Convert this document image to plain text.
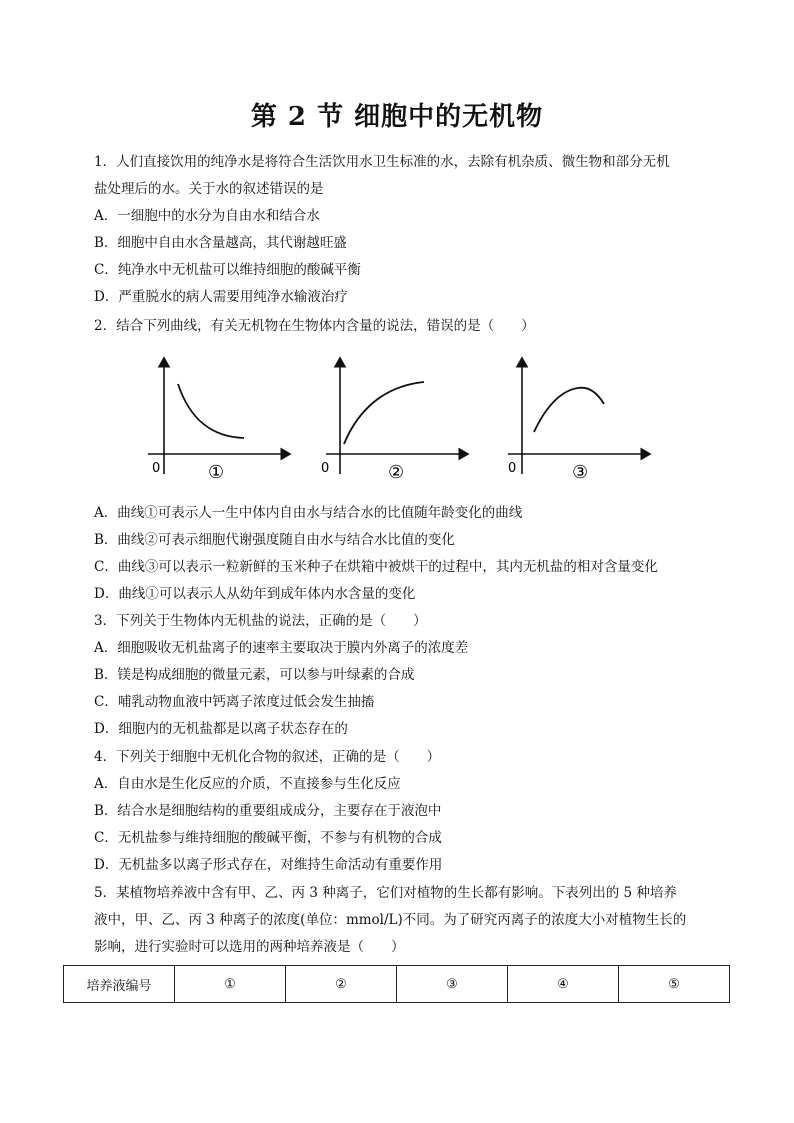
第 2 节 细胞中的无机物
1．人们直接饮用的纯净水是将符合生活饮用水卫生标准的水，去除有机杂质、微生物和部分无机
盐处理后的水。关于水的叙述错误的是
A．一细胞中的水分为自由水和结合水
B．细胞中自由水含量越高，其代谢越旺盛
C．纯净水中无机盐可以维持细胞的酸碱平衡
D．严重脱水的病人需要用纯净水输液治疗
2．结合下列曲线，有关无机物在生物体内含量的说法，错误的是（　　）
0	①	0	②	0	③
A．曲线①可表示人一生中体内自由水与结合水的比值随年龄变化的曲线
B．曲线②可表示细胞代谢强度随自由水与结合水比值的变化
C．曲线③可以表示一粒新鲜的玉米种子在烘箱中被烘干的过程中，其内无机盐的相对含量变化
D．曲线①可以表示人从幼年到成年体内水含量的变化
3．下列关于生物体内无机盐的说法，正确的是（　　）
A．细胞吸收无机盐离子的速率主要取决于膜内外离子的浓度差
B．镁是构成细胞的微量元素，可以参与叶绿素的合成
C．哺乳动物血液中钙离子浓度过低会发生抽搐
D．细胞内的无机盐都是以离子状态存在的
4．下列关于细胞中无机化合物的叙述，正确的是（　　）
A．自由水是生化反应的介质，不直接参与生化反应
B．结合水是细胞结构的重要组成成分，主要存在于液泡中
C．无机盐参与维持细胞的酸碱平衡，不参与有机物的合成
D．无机盐多以离子形式存在，对维持生命活动有重要作用
5．某植物培养液中含有甲、乙、丙 3 种离子，它们对植物的生长都有影响。下表列出的 5 种培养
液中，甲、乙、丙 3 种离子的浓度(单位：mmol/L)不同。为了研究丙离子的浓度大小对植物生长的
影响，进行实验时可以选用的两种培养液是（　　）
培养液编号	①	②	③	④	⑤
